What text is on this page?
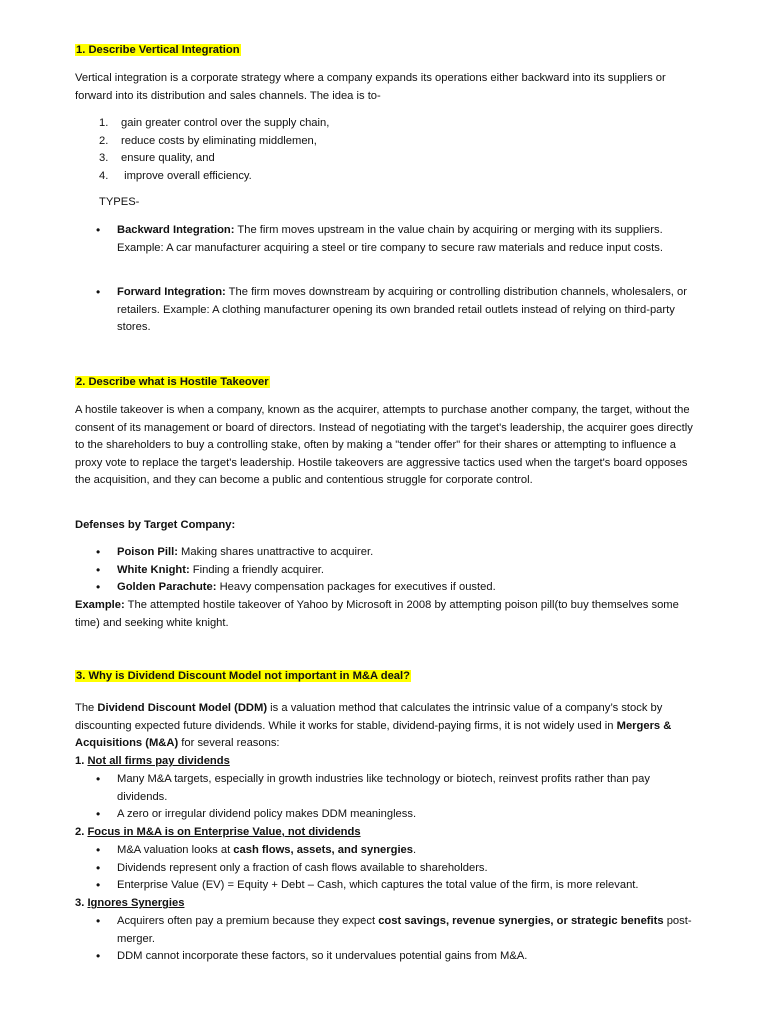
1. Describe Vertical Integration

Vertical integration is a corporate strategy where a company expands its operations either backward into its suppliers or forward into its distribution and sales channels. The idea is to-

1. gain greater control over the supply chain,
2. reduce costs by eliminating middlemen,
3. ensure quality, and
4. improve overall efficiency.
TYPES-
• Backward Integration: The firm moves upstream in the value chain by acquiring or merging with its suppliers. Example: A car manufacturer acquiring a steel or tire company to secure raw materials and reduce input costs.
• Forward Integration: The firm moves downstream by acquiring or controlling distribution channels, wholesalers, or retailers. Example: A clothing manufacturer opening its own branded retail outlets instead of relying on third-party stores.
2. Describe what is Hostile Takeover

A hostile takeover is when a company, known as the acquirer, attempts to purchase another company, the target, without the consent of its management or board of directors. Instead of negotiating with the target's leadership, the acquirer goes directly to the shareholders to buy a controlling stake, often by making a "tender offer" for their shares or attempting to influence a proxy vote to replace the target's leadership. Hostile takeovers are aggressive tactics used when the target's board opposes the acquisition, and they can become a public and contentious struggle for corporate control.

Defenses by Target Company:
• Poison Pill: Making shares unattractive to acquirer.
• White Knight: Finding a friendly acquirer.
• Golden Parachute: Heavy compensation packages for executives if ousted.

Example: The attempted hostile takeover of Yahoo by Microsoft in 2008 by attempting poison pill(to buy themselves some time) and seeking white knight.

3. Why is Dividend Discount Model not important in M&A deal?

The Dividend Discount Model (DDM) is a valuation method that calculates the intrinsic value of a company’s stock by discounting expected future dividends. While it works for stable, dividend-paying firms, it is not widely used in Mergers & Acquisitions (M&A) for several reasons:

1. Not all firms pay dividends
• Many M&A targets, especially in growth industries like technology or biotech, reinvest profits rather than pay dividends.
• A zero or irregular dividend policy makes DDM meaningless.
2. Focus in M&A is on Enterprise Value, not dividends
• M&A valuation looks at cash flows, assets, and synergies.
• Dividends represent only a fraction of cash flows available to shareholders.
• Enterprise Value (EV) = Equity + Debt – Cash, which captures the total value of the firm, is more relevant.
3. Ignores Synergies
• Acquirers often pay a premium because they expect cost savings, revenue synergies, or strategic benefits post-merger.
• DDM cannot incorporate these factors, so it undervalues potential gains from M&A.
